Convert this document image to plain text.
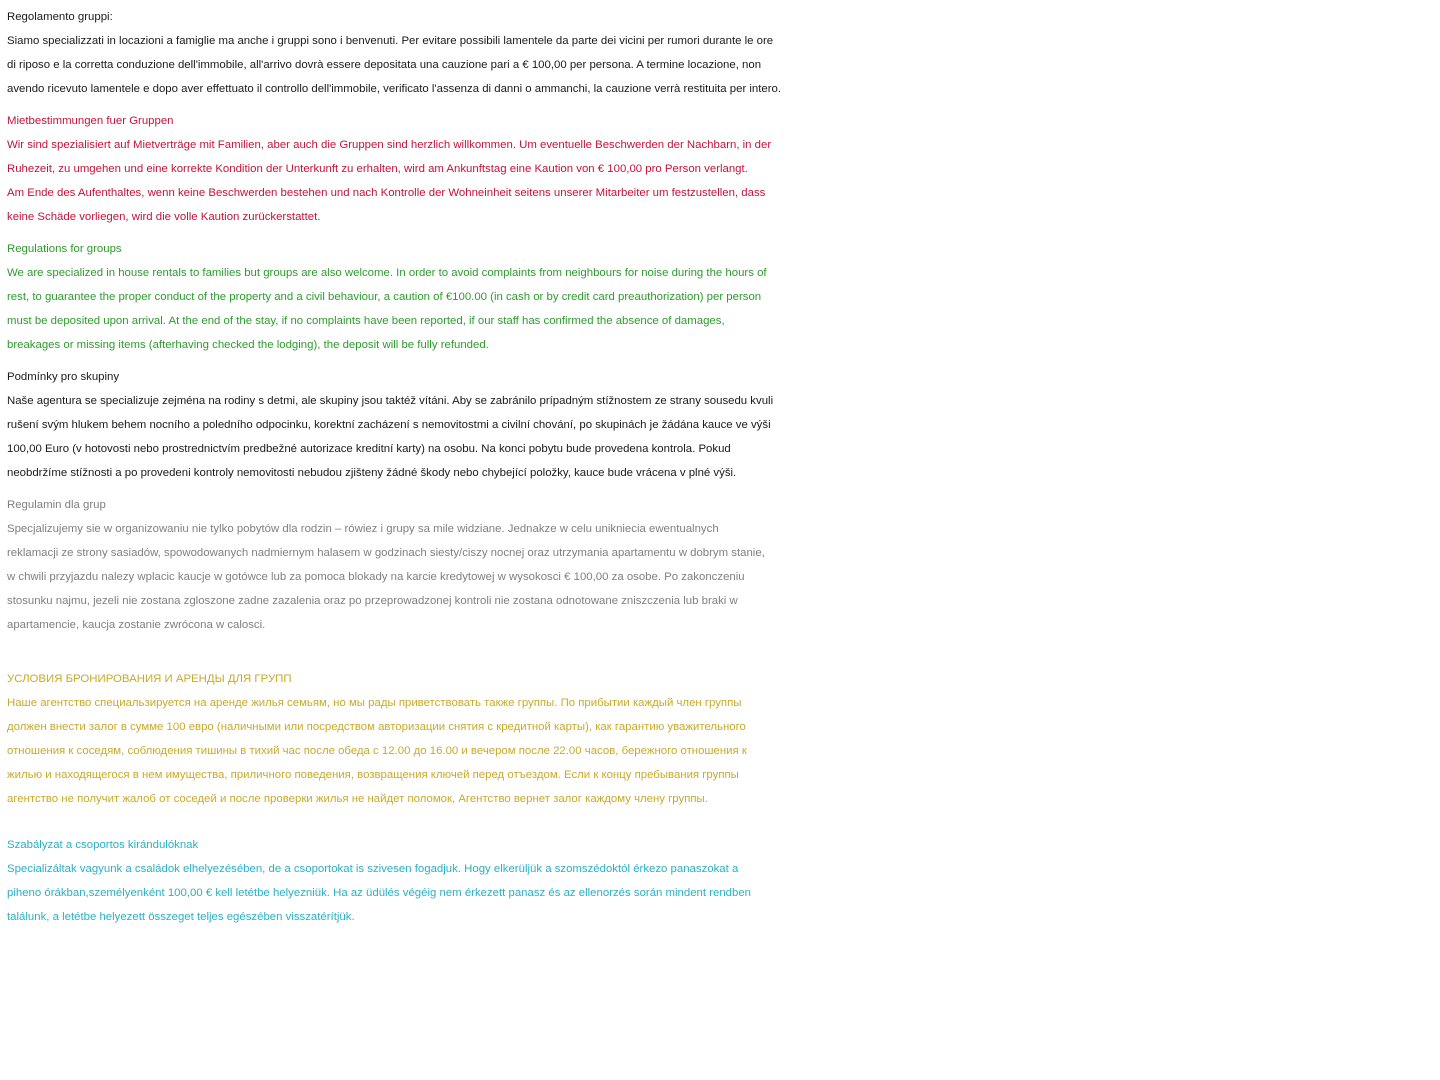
Regolamento gruppi:
Siamo specializzati in locazioni a famiglie ma anche i gruppi sono i benvenuti. Per evitare possibili lamentele da parte dei vicini per rumori durante le ore
di riposo e la corretta conduzione dell'immobile, all'arrivo dovrà essere depositata una cauzione pari a € 100,00 per persona. A termine locazione, non
avendo ricevuto lamentele e dopo aver effettuato il controllo dell'immobile, verificato l'assenza di danni o ammanchi, la cauzione verrà restituita per intero.
Mietbestimmungen fuer Gruppen
Wir sind spezialisiert auf Mietverträge mit Familien, aber auch die Gruppen sind herzlich willkommen. Um eventuelle Beschwerden der Nachbarn, in der
Ruhezeit, zu umgehen und eine korrekte Kondition der Unterkunft zu erhalten, wird am Ankunftstag eine Kaution von € 100,00 pro Person verlangt.
Am Ende des Aufenthaltes, wenn keine Beschwerden bestehen und nach Kontrolle der Wohneinheit seitens unserer Mitarbeiter um festzustellen, dass
keine Schäde vorliegen, wird die volle Kaution zurückerstattet.
Regulations for groups
We are specialized in house rentals to families but groups are also welcome. In order to avoid complaints from neighbours for noise during the hours of
rest, to guarantee the proper conduct of the property and a civil behaviour, a caution of €100.00 (in cash or by credit card preauthorization) per person
must be deposited upon arrival. At the end of the stay, if no complaints have been reported, if our staff has confirmed the absence of damages,
breakages or missing items (afterhaving checked the lodging), the deposit will be fully refunded.
Podmínky pro skupiny
Naše agentura se specializuje zejména na rodiny s detmi, ale skupiny jsou taktéž vítáni. Aby se zabránilo prípadným stížnostem ze strany sousedu kvuli
rušení svým hlukem behem nocního a poledního odpocinku, korektní zacházení s nemovitostmi a civilní chování, po skupinách je žádána kauce ve výši
100,00 Euro (v hotovosti nebo prostrednictvím predbežné autorizace kreditní karty) na osobu. Na konci pobytu bude provedena kontrola. Pokud
neobdržíme stížnosti a po provedeni kontroly nemovitosti nebudou zjišteny žádné škody nebo chybející položky, kauce bude vrácena v plné výši.
Regulamin dla grup
Specjalizujemy sie w organizowaniu nie tylko pobytów dla rodzin – rówiez i grupy sa mile widziane. Jednakze w celu unikniecia ewentualnych
reklamacji ze strony sasiadów, spowodowanych nadmiernym halasem w godzinach siesty/ciszy nocnej oraz utrzymania apartamentu w dobrym stanie,
w chwili przyjazdu nalezy wplacic kaucje w gotówce lub za pomoca blokady na karcie kredytowej w wysokosci € 100,00 za osobe. Po zakonczeniu
stosunku najmu, jezeli nie zostana zgloszone zadne zazalenia oraz po przeprowadzonej kontroli nie zostana odnotowane zniszczenia lub braki w
apartamencie, kaucja zostanie zwrócona w calosci.
УСЛОВИЯ БРОНИРОВАНИЯ И АРЕНДЫ ДЛЯ ГРУПП
Наше агентство специальзируется на аренде жилья семьям, но мы рады приветствовать также группы. По прибытии каждый член группы
должен внести залог в сумме 100 евро (наличными или посредством авторизации снятия с кредитной карты), как гарантию уважительного
отношения к соседям, соблюдения тишины в тихий час после обеда с 12.00 до 16.00 и вечером после 22.00 часов, бережного отношения к
жилью и находящегося в нем имущества, приличного поведения, возвращения ключей перед отъездом. Если к концу пребывания группы
агентство не получит жалоб от соседей и после проверки жилья не найдет поломок, Агентство вернет залог каждому члену группы.
Szabályzat a csoportos kirándulóknak
Specializáltak vagyunk a családok elhelyezésében, de a csoportokat is szivesen fogadjuk. Hogy elkerüljük a szomszédoktól érkezo panaszokat a
piheno órákban,személyenként 100,00 € kell letétbe helyezniük. Ha az üdülés végéig nem érkezett panasz és az ellenorzés során mindent rendben
találunk, a letétbe helyezett összeget teljes egészében visszatérítjük.
